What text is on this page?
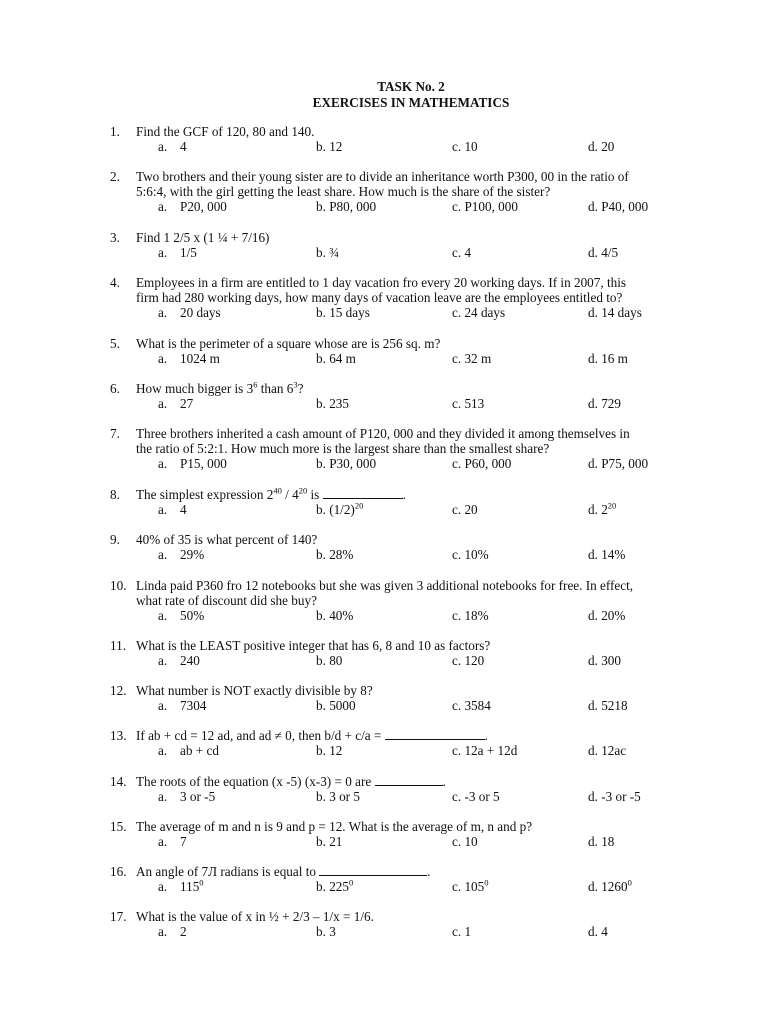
TASK No. 2
EXERCISES IN MATHEMATICS
1. Find the GCF of 120, 80 and 140.
a. 4	b. 12	c. 10	d. 20
2. Two brothers and their young sister are to divide an inheritance worth P300, 00 in the ratio of
5:6:4, with the girl getting the least share. How much is the share of the sister?
a. P20, 000	b. P80, 000	c. P100, 000	d. P40, 000
3. Find 1 2/5 x (1 ¼ + 7/16)
a. 1/5	b. ¾	c. 4	d. 4/5
4. Employees in a firm are entitled to 1 day vacation fro every 20 working days. If in 2007, this
firm had 280 working days, how many days of vacation leave are the employees entitled to?
a. 20 days	b. 15 days	c. 24 days	d. 14 days
5. What is the perimeter of a square whose are is 256 sq. m?
a. 1024 m	b. 64 m	c. 32 m	d. 16 m
6. How much bigger is $3^6$ than $6^3$?
a. 27	b. 235	c. 513	d. 729
7. Three brothers inherited a cash amount of P120, 000 and they divided it among themselves in
the ratio of 5:2:1. How much more is the largest share than the smallest share?
a. P15, 000	b. P30, 000	c. P60, 000	d. P75, 000
8. The simplest expression $2^{40} / 4^{20}$ is	.
a. 4	b. $(1/2)^{20}$	c. 20	d. $2^{20}$
9. 40% of 35 is what percent of 140?
a. 29%	b. 28%	c. 10%	d. 14%
10. Linda paid P360 fro 12 notebooks but she was given 3 additional notebooks for free. In effect,
what rate of discount did she buy?
a. 50%	b. 40%	c. 18%	d. 20%
11. What is the LEAST positive integer that has 6, 8 and 10 as factors?
a. 240	b. 80	c. 120	d. 300
12. What number is NOT exactly divisible by 8?
a. 7304	b. 5000	c. 3584	d. 5218
13. If ab + cd = 12 ad, and ad ≠ 0, then b/d + c/a =	.
a. ab + cd	b. 12	c. 12a + 12d	d. 12ac
14. The roots of the equation (x -5) (x-3) = 0 are	.
a. 3 or -5	b. 3 or 5	c. -3 or 5	d. -3 or -5
15. The average of m and n is 9 and p = 12. What is the average of m, n and p?
a. 7	b. 21	c. 10	d. 18
16. An angle of 7Л radians is equal to	.
a. $115^0$	b. $225^0$	c. $105^0$	d. 1260$^0$
17. What is the value of x in ½ + 2/3 – 1/x = 1/6.
a. 2	b. 3	c. 1	d. 4
